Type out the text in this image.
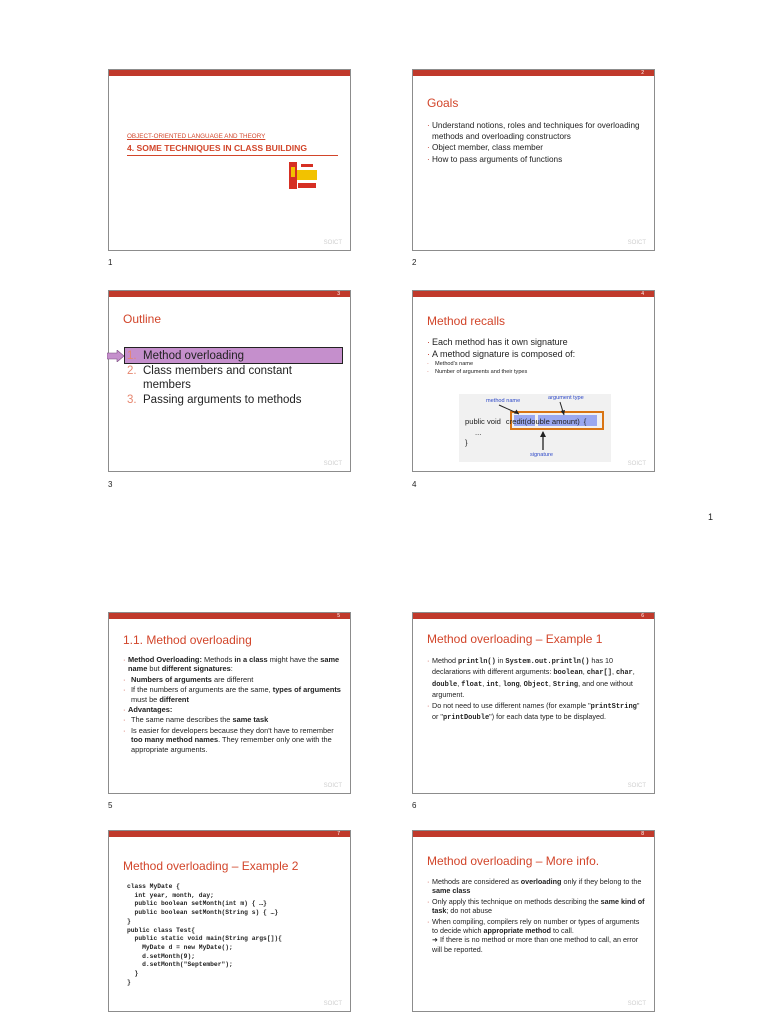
OBJECT-ORIENTED LANGUAGE AND THEORY
4. SOME TECHNIQUES IN CLASS BUILDING
SOICT
1
2
Goals
· Understand notions, roles and techniques for overloading methods and overloading constructors
· Object member, class member
· How to pass arguments of functions
SOICT
2
3
Outline
1. Method overloading
2. Class members and constant members
3. Passing arguments to methods
SOICT
3
4
Method recalls
· Each method has it own signature
· A method signature is composed of:
· Method's name
· Number of arguments and their types
method name	argument type
public void credit(double amount) {
...
}
signature
SOICT
4
1
5
1.1. Method overloading
· Method Overloading: Methods in a class might have the same name but different signatures:
· Numbers of arguments are different
· If the numbers of arguments are the same, types of arguments must be different
· Advantages:
· The same name describes the same task
· Is easier for developers because they don't have to remember too many method names. They remember only one with the appropriate arguments.
SOICT
5
6
Method overloading – Example 1
· Method println() in System.out.println() has 10 declarations with different arguments: boolean, char[], char, double, float, int, long, Object, String, and one without argument.
· Do not need to use different names (for example "printString" or "printDouble") for each data type to be displayed.
SOICT
6
7
Method overloading – Example 2
class MyDate {
int year, month, day;
public boolean setMonth(int m) { …}
public boolean setMonth(String s) { …}
}
public class Test{
public static void main(String args[]){
MyDate d = new MyDate();
d.setMonth(9);
d.setMonth("September");
}
}
SOICT
8
Method overloading – More info.
· Methods are considered as overloading only if they belong to the same class
· Only apply this technique on methods describing the same kind of task; do not abuse
· When compiling, compilers rely on number or types of arguments to decide which appropriate method to call.
➜ If there is no method or more than one method to call, an error will be reported.
SOICT
